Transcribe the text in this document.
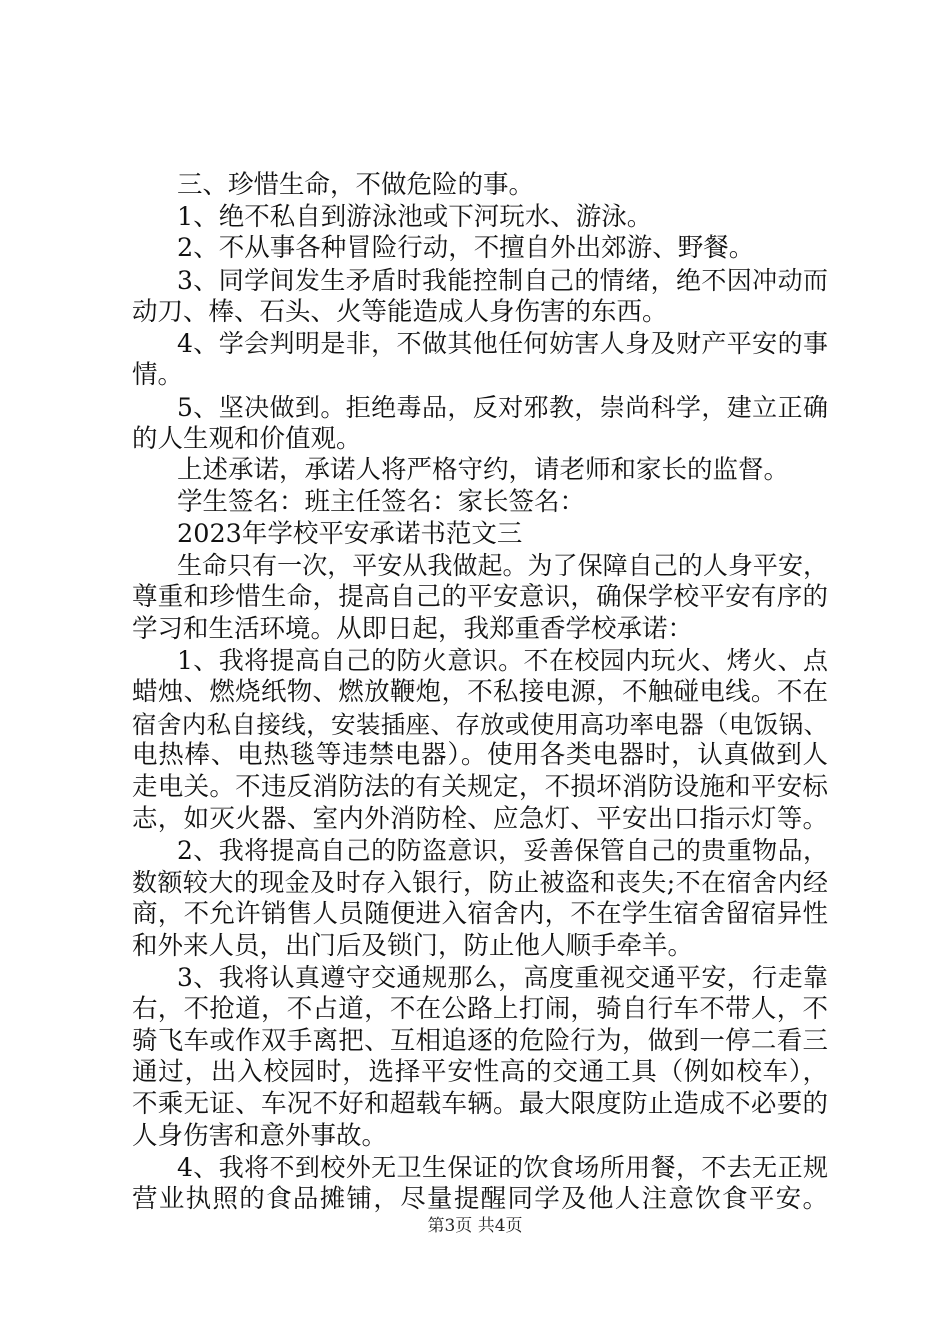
三、珍惜生命，不做危险的事。
1、绝不私自到游泳池或下河玩水、游泳。
2、不从事各种冒险行动，不擅自外出郊游、野餐。
3、同学间发生矛盾时我能控制自己的情绪，绝不因冲动而
动刀、棒、石头、火等能造成人身伤害的东西。
4、学会判明是非，不做其他任何妨害人身及财产平安的事
情。
5、坚决做到。拒绝毒品，反对邪教，崇尚科学，建立正确
的人生观和价值观。
上述承诺，承诺人将严格守约，请老师和家长的监督。
学生签名：班主任签名：家长签名：
2023年学校平安承诺书范文三
生命只有一次，平安从我做起。为了保障自己的人身平安，
尊重和珍惜生命，提高自己的平安意识，确保学校平安有序的
学习和生活环境。从即日起，我郑重香学校承诺：
1、我将提高自己的防火意识。不在校园内玩火、烤火、点
蜡烛、燃烧纸物、燃放鞭炮，不私接电源，不触碰电线。不在
宿舍内私自接线，安装插座、存放或使用高功率电器（电饭锅、
电热棒、电热毯等违禁电器）。使用各类电器时，认真做到人
走电关。不违反消防法的有关规定，不损坏消防设施和平安标
志，如灭火器、室内外消防栓、应急灯、平安出口指示灯等。
2、我将提高自己的防盗意识，妥善保管自己的贵重物品，
数额较大的现金及时存入银行，防止被盗和丧失;不在宿舍内经
商，不允许销售人员随便进入宿舍内，不在学生宿舍留宿异性
和外来人员，出门后及锁门，防止他人顺手牵羊。
3、我将认真遵守交通规那么，高度重视交通平安，行走靠
右，不抢道，不占道，不在公路上打闹，骑自行车不带人，不
骑飞车或作双手离把、互相追逐的危险行为，做到一停二看三
通过，出入校园时，选择平安性高的交通工具（例如校车），
不乘无证、车况不好和超载车辆。最大限度防止造成不必要的
人身伤害和意外事故。
4、我将不到校外无卫生保证的饮食场所用餐，不去无正规
营业执照的食品摊铺，尽量提醒同学及他人注意饮食平安。
第3页 共4页
